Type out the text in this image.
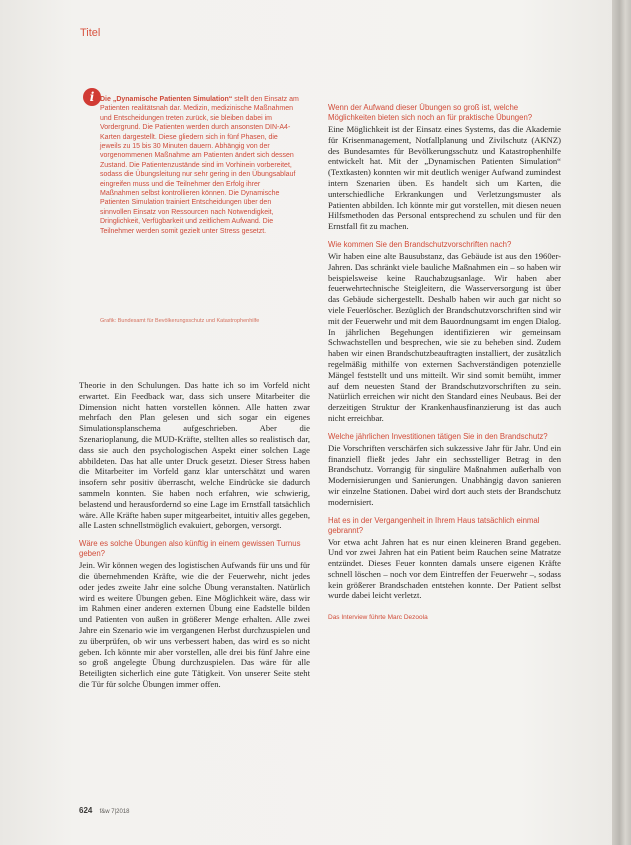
Titel
i Die „Dynamische Patienten Simulation“ stellt den Einsatz am Patienten realitätsnah dar. Medizin, medizinische Maßnahmen und Entscheidungen treten zurück, sie bleiben dabei im Vordergrund. Die Patienten werden durch ansonsten DIN-A4-Karten dargestellt. Diese gliedern sich in fünf Phasen, die jeweils zu 15 bis 30 Minuten dauern. Abhängig von der vorgenommenen Maßnahme am Patienten ändert sich dessen Zustand. Die Patientenzustände sind im Vorhinein vorbereitet, sodass die Übungsleitung nur sehr gering in den Übungsablauf eingreifen muss und die Teilnehmer den Erfolg ihrer Maßnahmen selbst kontrollieren können. Die Dynamische Patienten Simulation trainiert Entscheidungen über den sinnvollen Einsatz von Ressourcen nach Notwendigkeit, Dringlichkeit, Verfügbarkeit und zeitlichem Aufwand. Die Teilnehmer werden somit gezielt unter Stress gesetzt.
Grafik: Bundesamt für Bevölkerungsschutz und Katastrophenhilfe

Theorie in den Schulungen. Das hatte ich so im Vorfeld nicht erwartet. Ein Feedback war, dass sich unsere Mitarbeiter die Dimension nicht hatten vorstellen können. Alle hatten zwar mehrfach den Plan gelesen und sich sogar ein eigenes Simulationsplanschema aufgeschrieben. Aber die Szenarioplanung, die MUD-Kräfte, stellten alles so realistisch dar, dass sie auch den psychologischen Aspekt einer solchen Lage abbildeten. Das hat alle unter Druck gesetzt. Dieser Stress haben die Mitarbeiter im Vorfeld ganz klar unterschätzt und waren insofern sehr positiv überrascht, welche Eindrücke sie dadurch sammeln konnten. Sie haben noch erfahren, wie schwierig, belastend und herausfordernd so eine Lage im Ernstfall tatsächlich wäre. Alle Kräfte haben super mitgearbeitet, intuitiv alles gegeben, alle Lasten schnellstmöglich evakuiert, geborgen, versorgt.

Wäre es solche Übungen also künftig in einem gewissen Turnus geben?

Jein. Wir können wegen des logistischen Aufwands für uns und für die übernehmenden Kräfte, wie die der Feuerwehr, nicht jedes oder jedes zweite Jahr eine solche Übung veranstalten. Natürlich wird es weitere Übungen geben. Eine Möglichkeit wäre, dass wir im Rahmen einer anderen externen Übung eine Eadstelle bilden und Patienten von außen in größerer Menge erhalten. Alle zwei Jahre ein Szenario wie im vergangenen Herbst durchzuspielen und zu überprüfen, ob wir uns verbessert haben, das wird es so nicht geben. Ich könnte mir aber vorstellen, alle drei bis fünf Jahre eine so groß angelegte Übung durchzuspielen. Das wäre für alle Beteiligten sicherlich eine gute Tätigkeit. Von unserer Seite steht die Tür für solche Übungen immer offen.

Wenn der Aufwand dieser Übungen so groß ist, welche Möglichkeiten bieten sich noch an für praktische Übungen?

Eine Möglichkeit ist der Einsatz eines Systems, das die Akademie für Krisenmanagement, Notfallplanung und Zivilschutz (AKNZ) des Bundesamtes für Bevölkerungsschutz und Katastrophenhilfe entwickelt hat. Mit der „Dynamischen Patienten Simulation“ (Textkasten) konnten wir mit deutlich weniger Aufwand zumindest intern Szenarien üben. Es handelt sich um Karten, die unterschiedliche Erkrankungen und Verletzungsmuster als Patienten abbilden. Ich könnte mir gut vorstellen, mit diesen neuen Hilfsmethoden das Personal entsprechend zu schulen und für den Ernstfall fit zu machen.

Wie kommen Sie den Brandschutzvorschriften nach?

Wir haben eine alte Bausubstanz, das Gebäude ist aus den 1960er-Jahren. Das schränkt viele bauliche Maßnahmen ein – so haben wir beispielsweise keine Rauchabzugsanlage. Wir haben aber feuerwehrtechnische Steigleitern, die Wasserversorgung ist über das Gebäude sichergestellt. Deshalb haben wir auch gar nicht so viele Feuerlöscher. Bezüglich der Brandschutzvorschriften sind wir mit der Feuerwehr und mit dem Bauordnungsamt im engen Dialog. In jährlichen Begehungen identifizieren wir gemeinsam Schwachstellen und besprechen, wie sie zu beheben sind. Zudem haben wir einen Brandschutzbeauftragten installiert, der zusätzlich regelmäßig mithilfe von externen Sachverständigen potenzielle Mängel feststellt und uns mitteilt. Wir sind somit bemüht, immer auf dem neuesten Stand der Brandschutzvorschriften zu sein. Natürlich erreichen wir nicht den Standard eines Neubaus. Bei der derzeitigen Struktur der Krankenhausfinanzierung ist das auch nicht erreichbar.

Welche jährlichen Investitionen tätigen Sie in den Brandschutz?

Die Vorschriften verschärfen sich sukzessive Jahr für Jahr. Und ein finanziell fließt jedes Jahr ein sechsstelliger Betrag in den Brandschutz. Vorrangig für singuläre Maßnahmen außerhalb von Modernisierungen und Sanierungen. Unabhängig davon sanieren wir einzelne Stationen. Dabei wird dort auch stets der Brandschutz modernisiert.

Hat es in der Vergangenheit in Ihrem Haus tatsächlich einmal gebrannt?

Vor etwa acht Jahren hat es nur einen kleineren Brand gegeben. Und vor zwei Jahren hat ein Patient beim Rauchen seine Matratze entzündet. Dieses Feuer konnten damals unsere eigenen Kräfte schnell löschen – noch vor dem Eintreffen der Feuerwehr –, sodass kein größerer Brandschaden entstehen konnte. Der Patient selbst wurde dabei leicht verletzt.

Das Interview führte Marc Dezoola
624 f&w 7|2018
